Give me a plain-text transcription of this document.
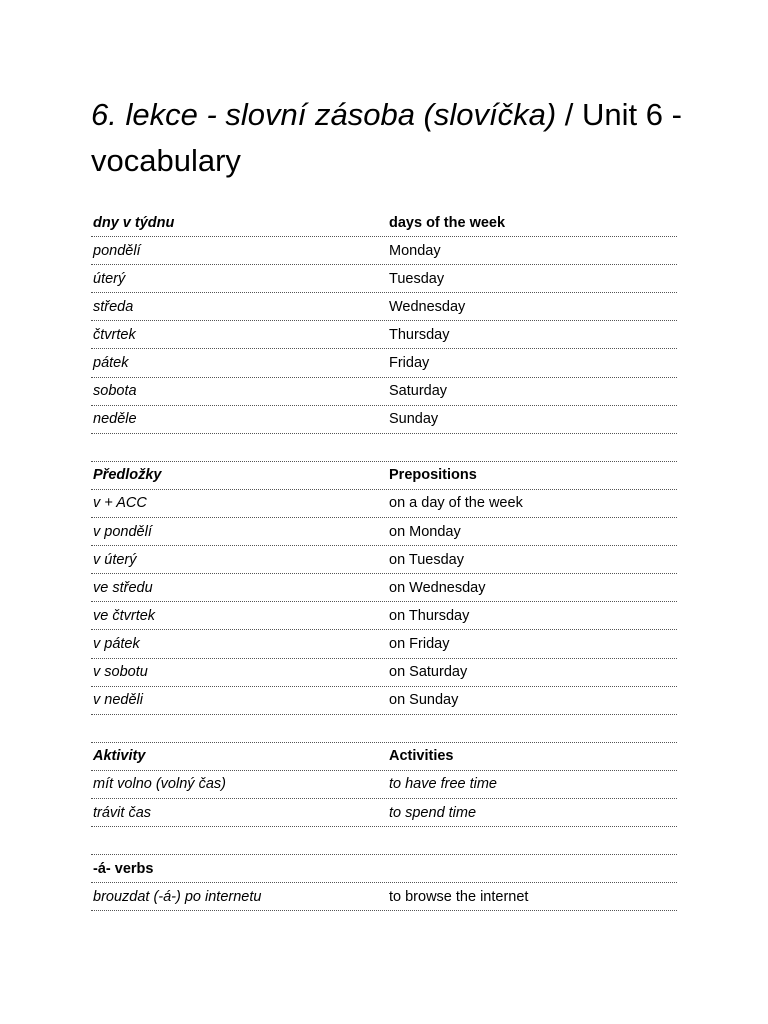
6. lekce - slovní zásoba (slovíčka) / Unit 6 - vocabulary
dny v týdnu	days of the week
pondělí	Monday
úterý	Tuesday
středa	Wednesday
čtvrtek	Thursday
pátek	Friday
sobota	Saturday
neděle	Sunday
Předložky	Prepositions
v + ACC	on a day of the week
v pondělí	on Monday
v úterý	on Tuesday
ve středu	on Wednesday
ve čtvrtek	on Thursday
v pátek	on Friday
v sobotu	on Saturday
v neděli	on Sunday
Aktivity	Activities
mít volno (volný čas)	to have free time
trávit čas	to spend time
-á- verbs
brouzdat (-á-) po internetu	to browse the internet
